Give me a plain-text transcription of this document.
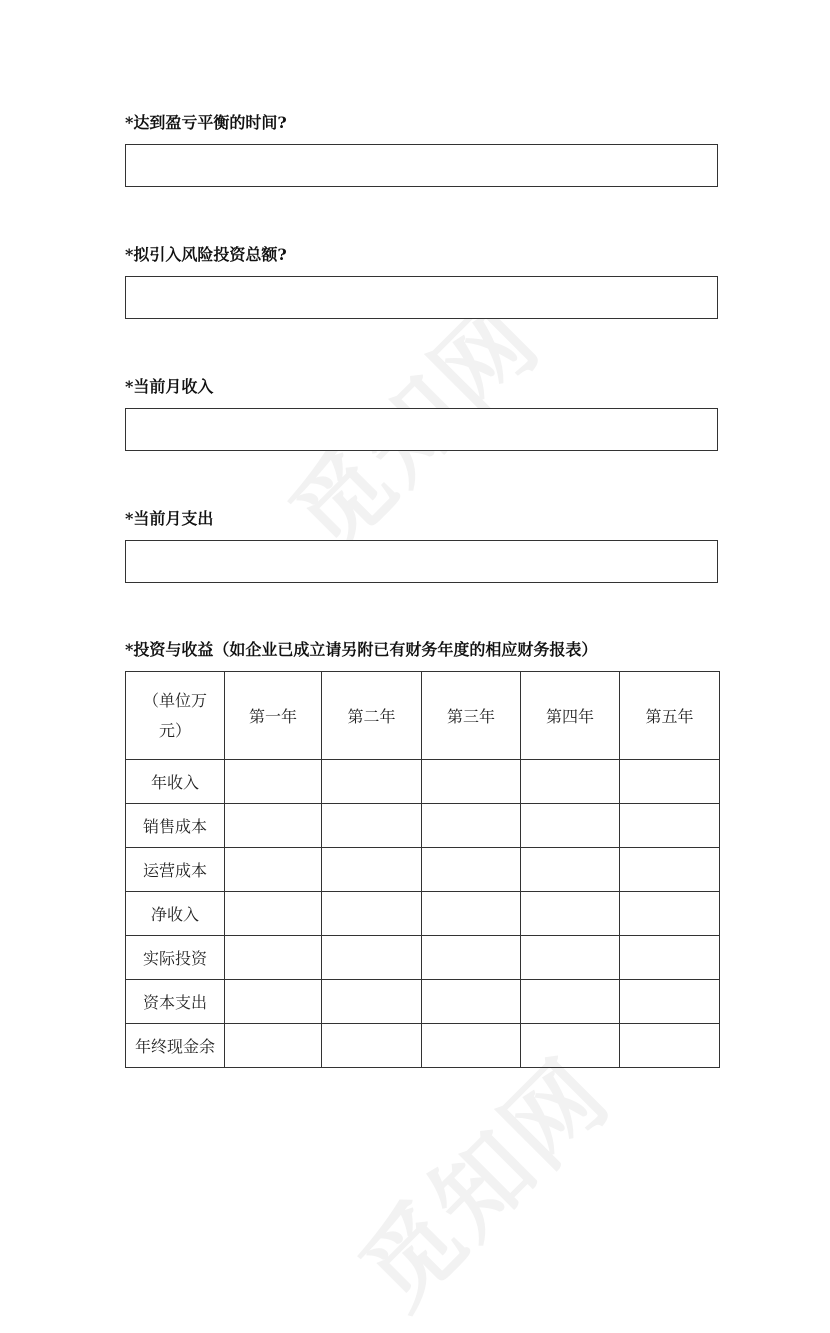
觅知网
觅知网
*达到盈亏平衡的时间?
*拟引入风险投资总额?
*当前月收入
*当前月支出
*投资与收益（如企业已成立请另附已有财务年度的相应财务报表）
（单位万元）	第一年	第二年	第三年	第四年	第五年
年收入					
销售成本					
运营成本					
净收入					
实际投资					
资本支出					
年终现金余					
